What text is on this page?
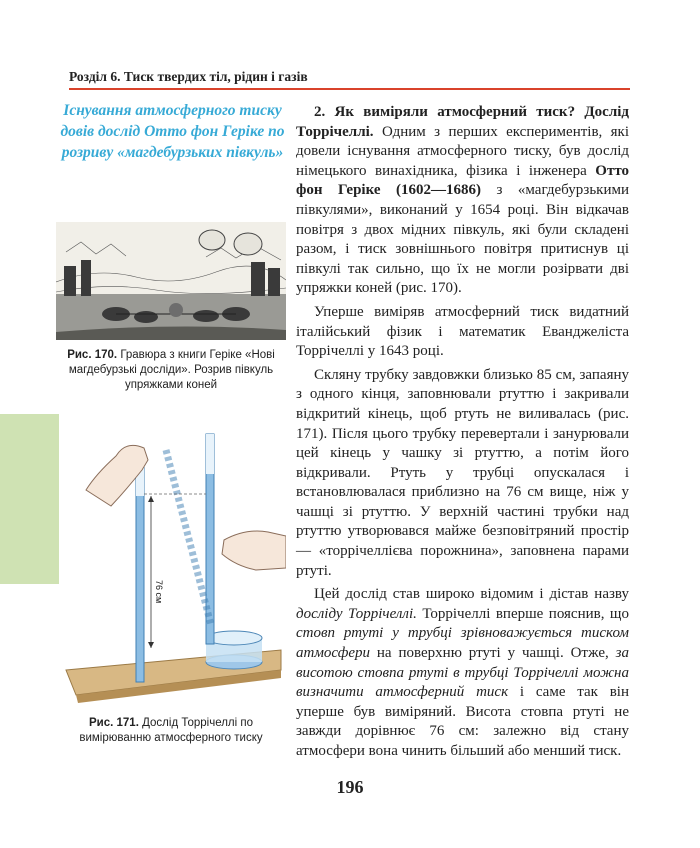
Розділ 6. Тиск твердих тіл, рідин і газів
Існування атмосферного тиску довів дослід Отто фон Геріке по розриву «магдебурзьких півкуль»
Рис. 170. Гравюра з книги Геріке «Нові магдебурзькі досліди». Розрив півкуль упряжками коней
76 см
Рис. 171. Дослід Торрічеллі по вимірюванню атмосферного тиску

2. Як виміряли атмосферний тиск? Дослід Торрічеллі. Одним з перших експериментів, які довели існування атмосферного тиску, був дослід німецького винахідника, фізика і інженера Отто фон Геріке (1602—1686) з «магдебурзькими півкулями», виконаний у 1654 році. Він відкачав повітря з двох мідних півкуль, які були складені разом, і тиск зовнішнього повітря притиснув ці півкулі так сильно, що їх не могли розірвати дві упряжки коней (рис. 170).

Уперше виміряв атмосферний тиск видатний італійський фізик і математик Еванджеліста Торрічеллі у 1643 році.

Скляну трубку завдовжки близько 85 см, запаяну з одного кінця, заповнювали ртуттю і закривали відкритий кінець, щоб ртуть не виливалась (рис. 171). Після цього трубку перевертали і занурювали цей кінець у чашку зі ртуттю, а потім його відкривали. Ртуть у трубці опускалася і встановлювалася приблизно на 76 см вище, ніж у чашці зі ртуттю. У верхній частині трубки над ртуттю утворювався майже безповітряний простір — «торрічеллієва порожнина», заповнена парами ртуті.

Цей дослід став широко відомим і дістав назву досліду Торрічеллі. Торрічеллі вперше пояснив, що стовп ртуті у трубці зрівноважується тиском атмосфери на поверхню ртуті у чашці. Отже, за висотою стовпа ртуті в трубці Торрічеллі можна визначити атмосферний тиск і саме так він уперше був виміряний. Висота стовпа ртуті не завжди дорівнює 76 см: залежно від стану атмосфери вона чинить більший або менший тиск.

196
